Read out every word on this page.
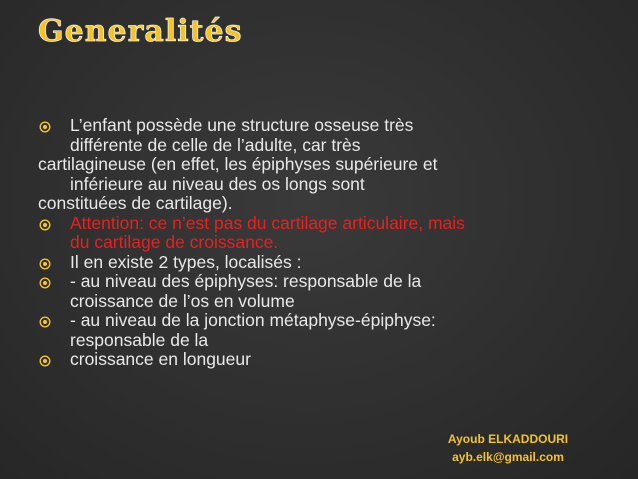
Generalités
L’enfant possède une structure osseuse très
différente de celle de l’adulte, car très
cartilagineuse (en effet, les épiphyses supérieure et
inférieure au niveau des os longs sont
constituées de cartilage).
Attention: ce n’est pas du cartilage articulaire, mais
du cartilage de croissance.
Il en existe 2 types, localisés :
- au niveau des épiphyses: responsable de la
croissance de l’os en volume
- au niveau de la jonction métaphyse-épiphyse:
responsable de la
croissance en longueur
Ayoub ELKADDOURI
ayb.elk@gmail.com
